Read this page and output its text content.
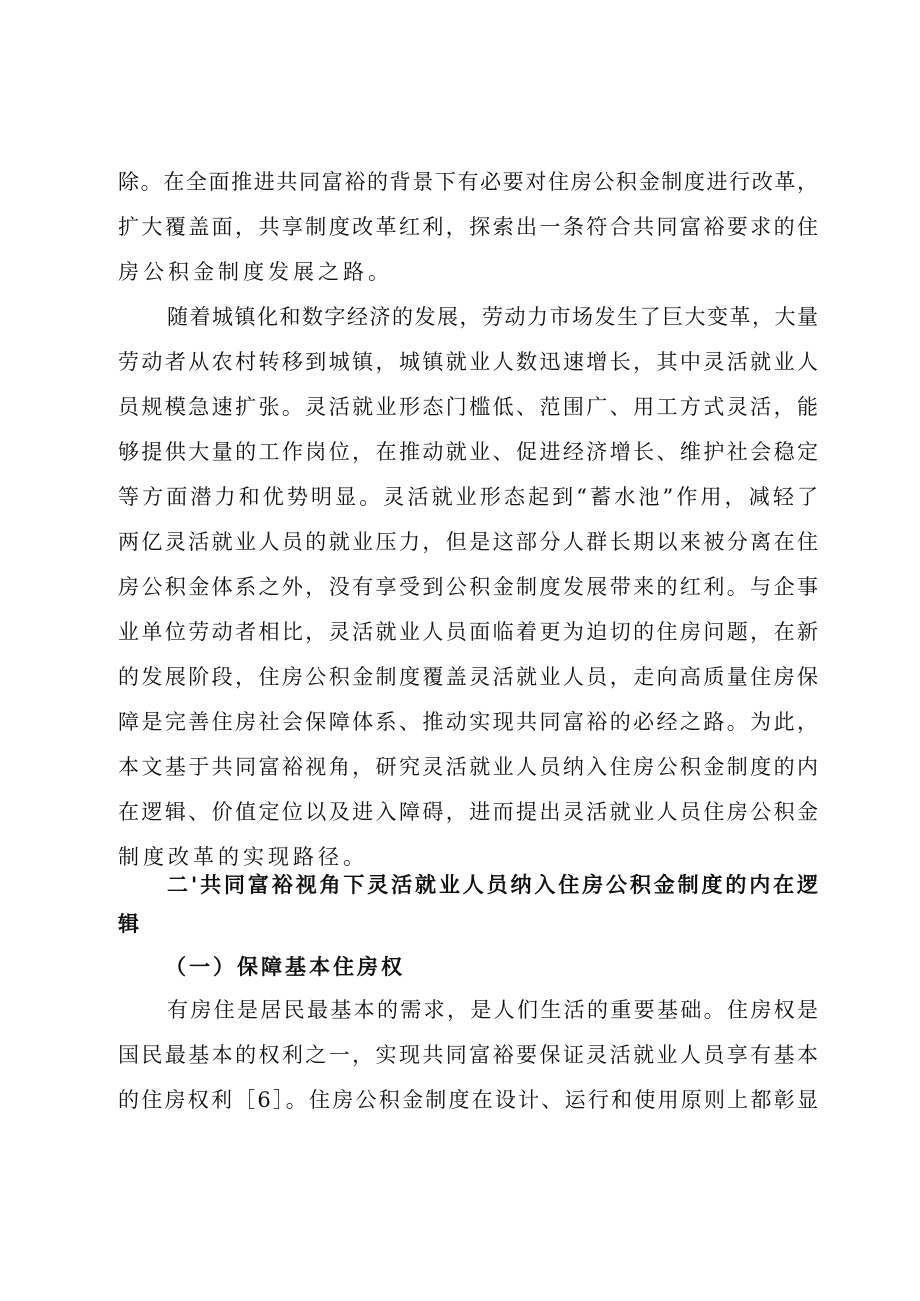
除。在全面推进共同富裕的背景下有必要对住房公积金制度进行改革，
扩大覆盖面，共享制度改革红利，探索出一条符合共同富裕要求的住
房公积金制度发展之路。
随着城镇化和数字经济的发展，劳动力市场发生了巨大变革，大量
劳动者从农村转移到城镇，城镇就业人数迅速增长，其中灵活就业人
员规模急速扩张。灵活就业形态门槛低、范围广、用工方式灵活，能
够提供大量的工作岗位，在推动就业、促进经济增长、维护社会稳定
等方面潜力和优势明显。灵活就业形态起到“蓄水池”作用，减轻了
两亿灵活就业人员的就业压力，但是这部分人群长期以来被分离在住
房公积金体系之外，没有享受到公积金制度发展带来的红利。与企事
业单位劳动者相比，灵活就业人员面临着更为迫切的住房问题，在新
的发展阶段，住房公积金制度覆盖灵活就业人员，走向高质量住房保
障是完善住房社会保障体系、推动实现共同富裕的必经之路。为此，
本文基于共同富裕视角，研究灵活就业人员纳入住房公积金制度的内
在逻辑、价值定位以及进入障碍，进而提出灵活就业人员住房公积金
制度改革的实现路径。
二'共同富裕视角下灵活就业人员纳入住房公积金制度的内在逻
辑
（一）保障基本住房权
有房住是居民最基本的需求，是人们生活的重要基础。住房权是
国民最基本的权利之一，实现共同富裕要保证灵活就业人员享有基本
的住房权利［6］。住房公积金制度在设计、运行和使用原则上都彰显
